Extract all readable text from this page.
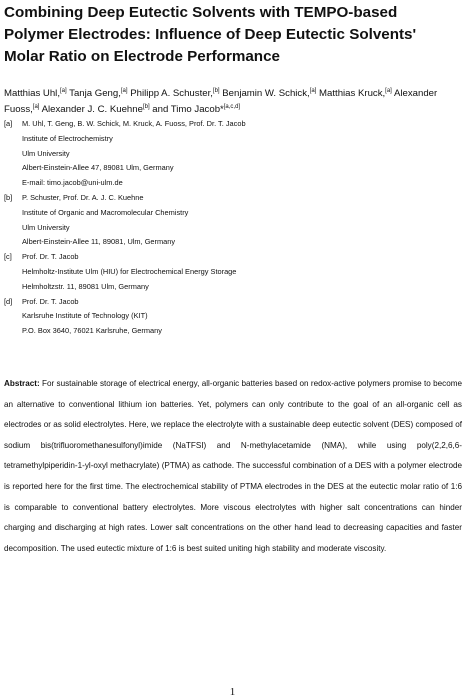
Combining Deep Eutectic Solvents with TEMPO-based Polymer Electrodes: Influence of Deep Eutectic Solvents' Molar Ratio on Electrode Performance

Matthias Uhl,[a] Tanja Geng,[a] Philipp A. Schuster,[b] Benjamin W. Schick,[a] Matthias Kruck,[a] Alexander Fuoss,[a] Alexander J. C. Kuehne[b] and Timo Jacob*[a,c,d]

[a]	M. Uhl, T. Geng, B. W. Schick, M. Kruck, A. Fuoss, Prof. Dr. T. Jacob
Institute of Electrochemistry
Ulm University
Albert-Einstein-Allee 47, 89081 Ulm, Germany
E-mail: timo.jacob@uni-ulm.de
[b]	P. Schuster, Prof. Dr. A. J. C. Kuehne
Institute of Organic and Macromolecular Chemistry
Ulm University
Albert-Einstein-Allee 11, 89081, Ulm, Germany
[c]	Prof. Dr. T. Jacob
Helmholtz-Institute Ulm (HIU) for Electrochemical Energy Storage
Helmholtzstr. 11, 89081 Ulm, Germany
[d]	Prof. Dr. T. Jacob
Karlsruhe Institute of Technology (KIT)
P.O. Box 3640, 76021 Karlsruhe, Germany

Abstract: For sustainable storage of electrical energy, all-organic batteries based on redox-active polymers promise to become an alternative to conventional lithium ion batteries. Yet, polymers can only contribute to the goal of an all-organic cell as electrodes or as solid electrolytes. Here, we replace the electrolyte with a sustainable deep eutectic solvent (DES) composed of sodium bis(trifluoromethanesulfonyl)imide (NaTFSI) and N-methylacetamide (NMA), while using poly(2,2,6,6-tetramethylpiperidin-1-yl-oxyl methacrylate) (PTMA) as cathode. The successful combination of a DES with a polymer electrode is reported here for the first time. The electrochemical stability of PTMA electrodes in the DES at the eutectic molar ratio of 1:6 is comparable to conventional battery electrolytes. More viscous electrolytes with higher salt concentrations can hinder charging and discharging at high rates. Lower salt concentrations on the other hand lead to decreasing capacities and faster decomposition. The used eutectic mixture of 1:6 is best suited uniting high stability and moderate viscosity.

1
